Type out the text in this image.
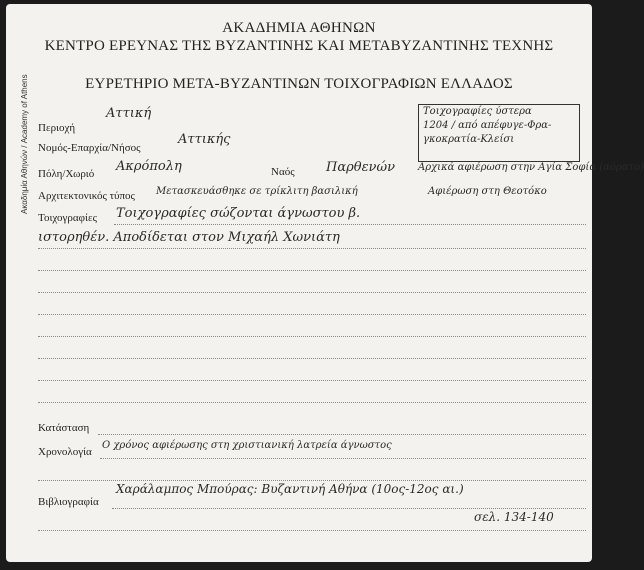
Ακαδημία Αθηνών / Academy of Athens
ΑΚΑΔΗΜΙΑ ΑΘΗΝΩΝ
ΚΕΝΤΡΟ ΕΡΕΥΝΑΣ ΤΗΣ ΒΥΖΑΝΤΙΝΗΣ ΚΑΙ ΜΕΤΑΒΥΖΑΝΤΙΝΗΣ ΤΕΧΝΗΣ
ΕΥΡΕΤΗΡΙΟ ΜΕΤΑ-ΒΥΖΑΝΤΙΝΩΝ ΤΟΙΧΟΓΡΑΦΙΩΝ ΕΛΛΑΔΟΣ
Περιοχή
Αττική
Νομός-Επαρχία/Νήσος
Αττικής
Πόλη/Χωριό Ακρόπολη	Ναός Παρθενών Αρχικά αφιέρωση στην Αγία Σοφία (αόρατο)
Αρχιτεκτονικός τύπος Μετασκευάσθηκε σε τρίκλιτη βασιλική	Αφιέρωση στη Θεοτόκο
Τοιχογραφίες Τοιχογραφίες σώζονται άγνωστου β.
ιστορηθέν. Αποδίδεται στον Μιχαήλ Χωνιάτη
Κατάσταση
Χρονολογία
Ο χρόνος αφιέρωσης στη χριστιανική λατρεία άγνωστος
Βιβλιογραφία
Χαράλαμπος Μπούρας: Βυζαντινή Αθήνα (10ος-12ος αι.)
σελ. 134-140
Τοιχογραφίες ύστερα
1204 / από απέφυγε-Φρα-
γκοκρατία-Κλείσι
